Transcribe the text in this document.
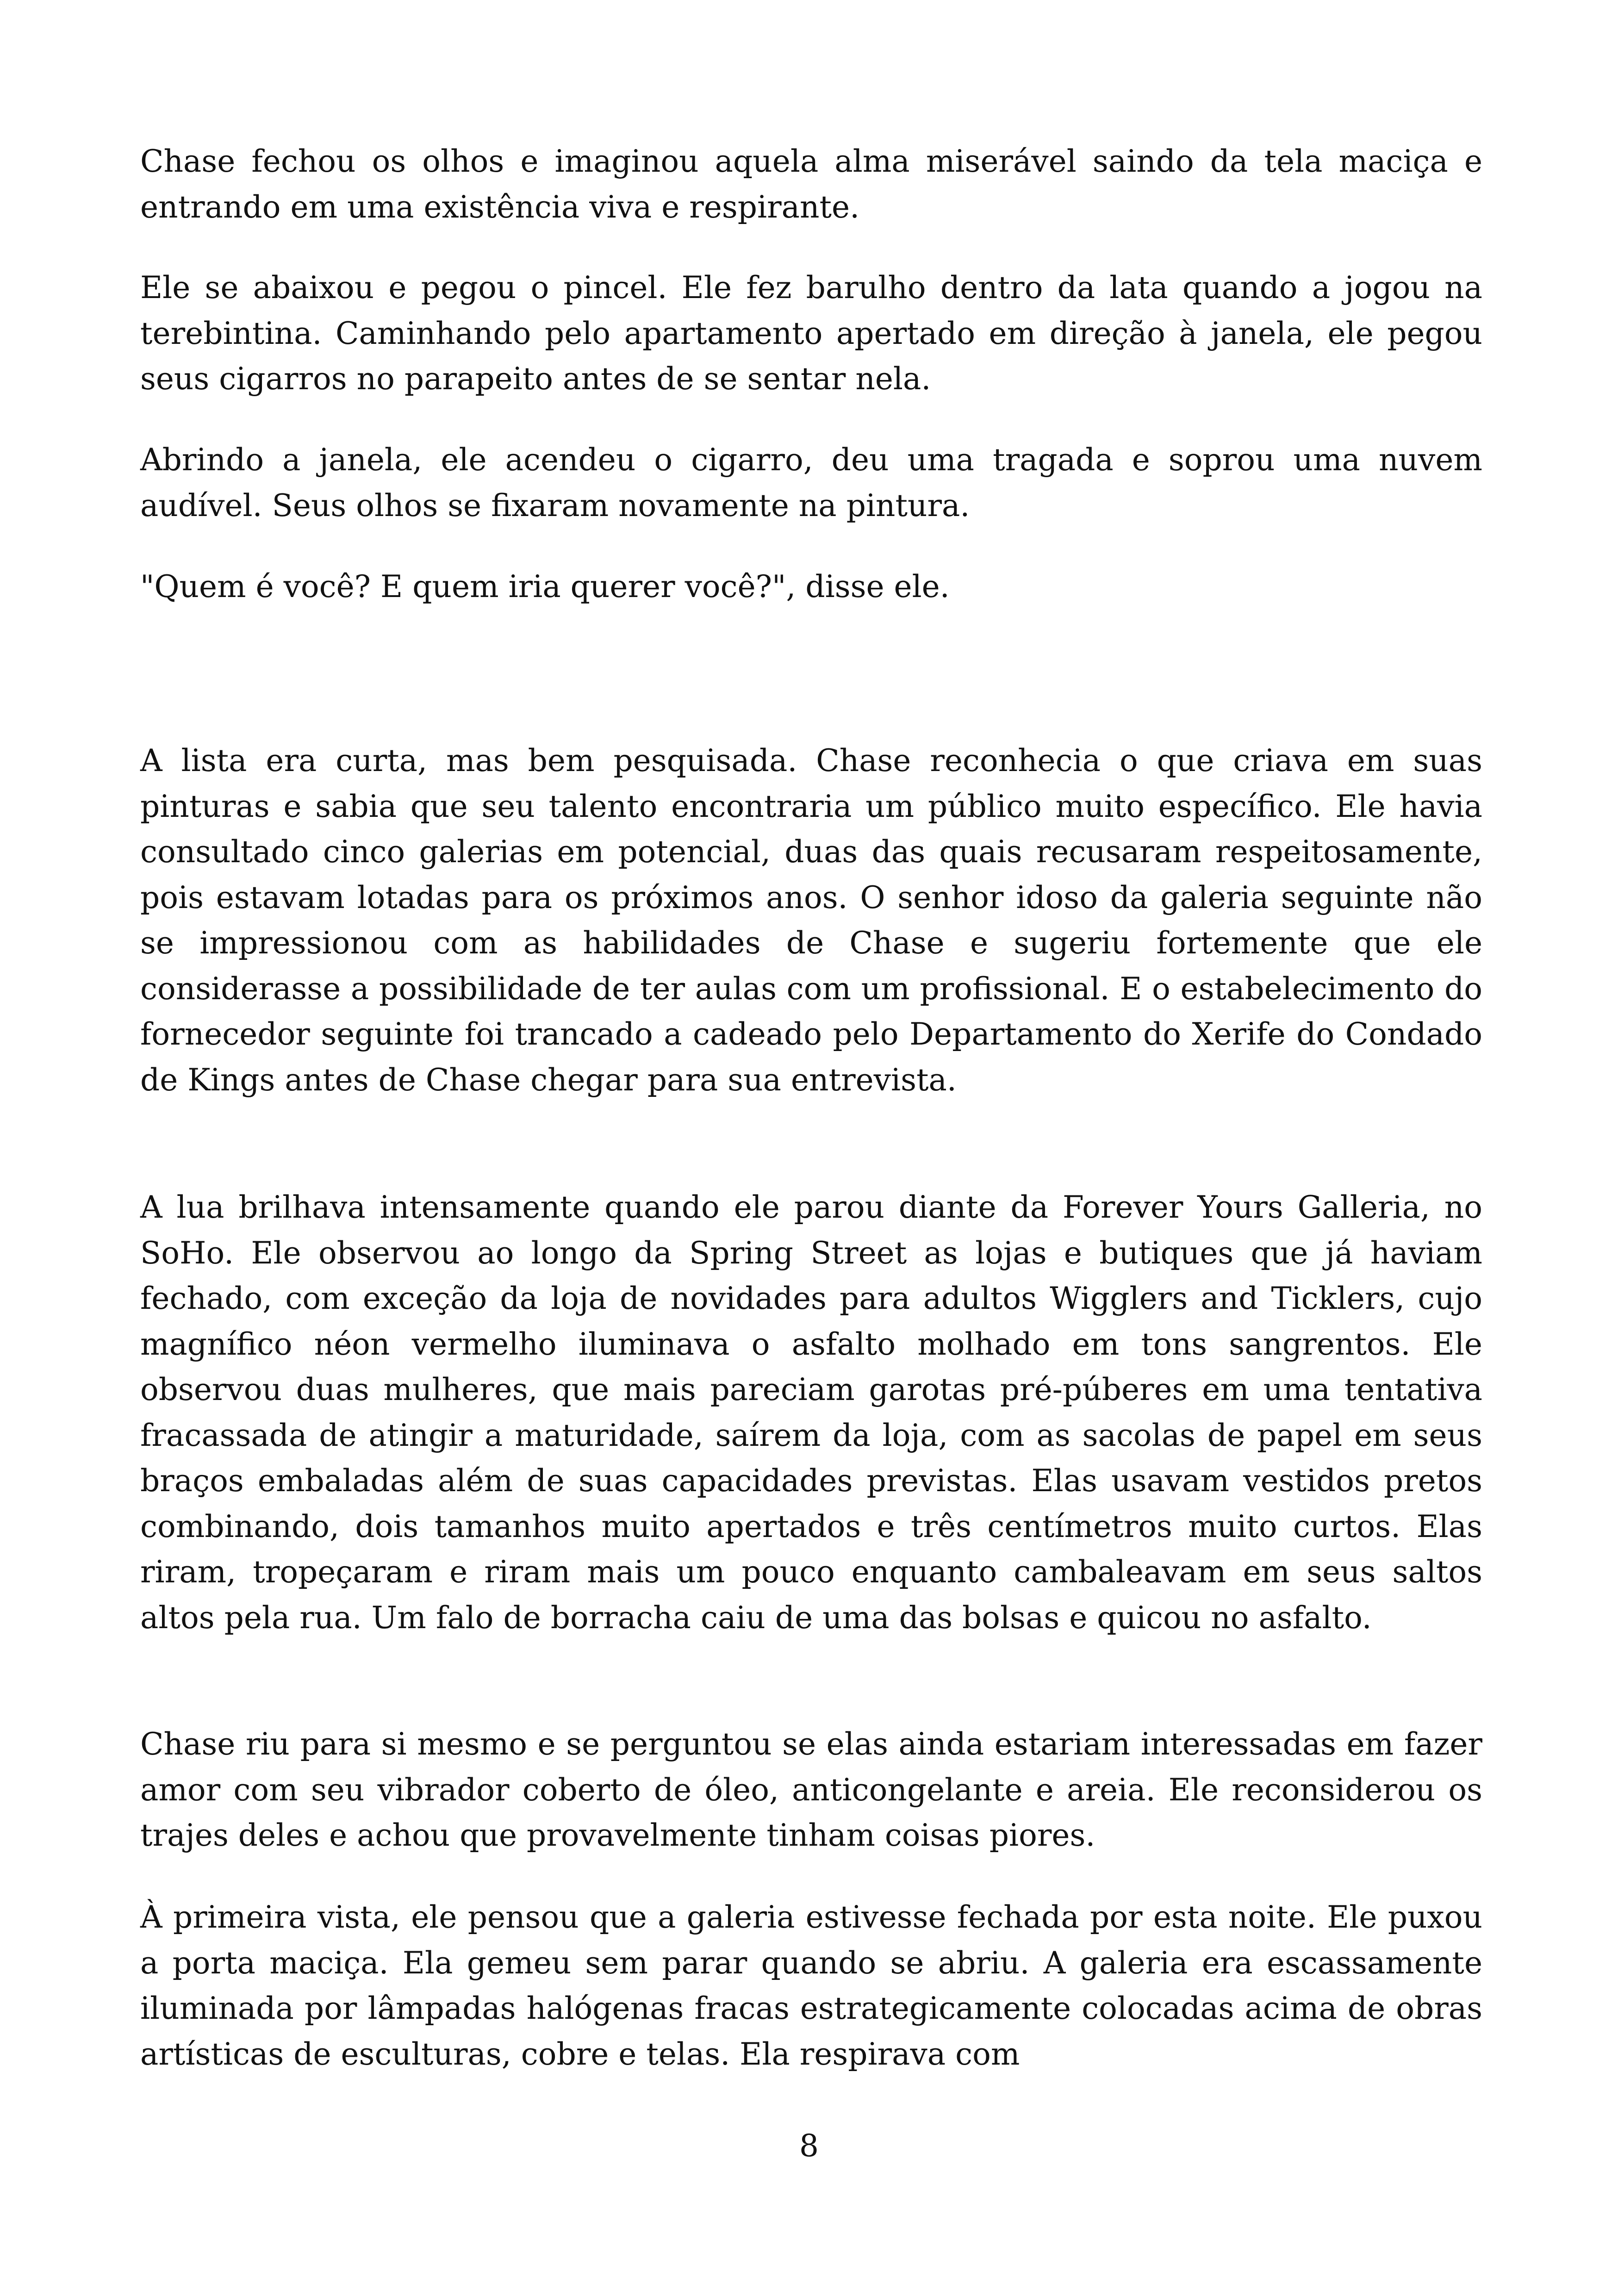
Chase fechou os olhos e imaginou aquela alma miserável saindo da tela maciça e entrando em uma existência viva e respirante.

Ele se abaixou e pegou o pincel. Ele fez barulho dentro da lata quando a jogou na terebintina. Caminhando pelo apartamento apertado em direção à janela, ele pegou seus cigarros no parapeito antes de se sentar nela.

Abrindo a janela, ele acendeu o cigarro, deu uma tragada e soprou uma nuvem audível. Seus olhos se fixaram novamente na pintura.

"Quem é você? E quem iria querer você?", disse ele.

A lista era curta, mas bem pesquisada. Chase reconhecia o que criava em suas pinturas e sabia que seu talento encontraria um público muito específico. Ele havia consultado cinco galerias em potencial, duas das quais recusaram respeitosamente, pois estavam lotadas para os próximos anos. O senhor idoso da galeria seguinte não se impressionou com as habilidades de Chase e sugeriu fortemente que ele considerasse a possibilidade de ter aulas com um profissional. E o estabelecimento do fornecedor seguinte foi trancado a cadeado pelo Departamento do Xerife do Condado de Kings antes de Chase chegar para sua entrevista.

A lua brilhava intensamente quando ele parou diante da Forever Yours Galleria, no SoHo. Ele observou ao longo da Spring Street as lojas e butiques que já haviam fechado, com exceção da loja de novidades para adultos Wigglers and Ticklers, cujo magnífico néon vermelho iluminava o asfalto molhado em tons sangrentos. Ele observou duas mulheres, que mais pareciam garotas pré-púberes em uma tentativa fracassada de atingir a maturidade, saírem da loja, com as sacolas de papel em seus braços embaladas além de suas capacidades previstas. Elas usavam vestidos pretos combinando, dois tamanhos muito apertados e três centímetros muito curtos. Elas riram, tropeçaram e riram mais um pouco enquanto cambaleavam em seus saltos altos pela rua. Um falo de borracha caiu de uma das bolsas e quicou no asfalto.

Chase riu para si mesmo e se perguntou se elas ainda estariam interessadas em fazer amor com seu vibrador coberto de óleo, anticongelante e areia. Ele reconsiderou os trajes deles e achou que provavelmente tinham coisas piores.

À primeira vista, ele pensou que a galeria estivesse fechada por esta noite. Ele puxou a porta maciça. Ela gemeu sem parar quando se abriu. A galeria era escassamente iluminada por lâmpadas halógenas fracas estrategicamente colocadas acima de obras artísticas de esculturas, cobre e telas. Ela respirava com

8
